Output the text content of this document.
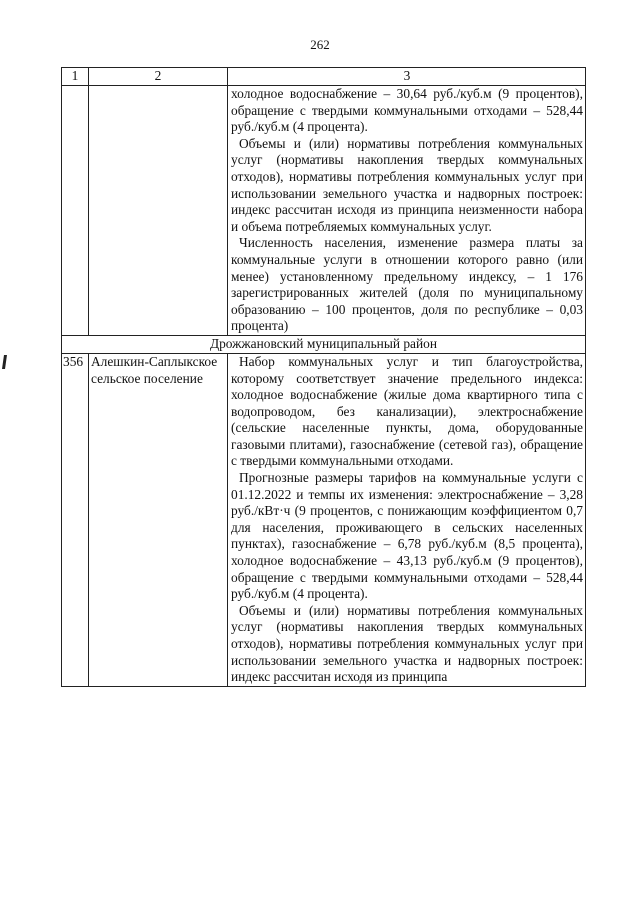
262
1	2	3

		холодное водоснабжение – 30,64 руб./куб.м (9 процентов), обращение с твердыми коммунальными отходами – 528,44 руб./куб.м (4 процента).

Объемы и (или) нормативы потребления коммунальных услуг (нормативы накопления твердых коммунальных отходов), нормативы потребления коммунальных услуг при использовании земельного участка и надворных построек: индекс рассчитан исходя из принципа неизменности набора и объема потребляемых коммунальных услуг.

Численность населения, изменение размера платы за коммунальные услуги в отношении которого равно (или менее) установленному предельному индексу, – 1 176 зарегистрированных жителей (доля по муниципальному образованию – 100 процентов, доля по республике – 0,03 процента)

Дрожжановский муниципальный район		

356	Алешкин-Саплыкское сельское поселение	Набор коммунальных услуг и тип благоустройства, которому соответствует значение предельного индекса: холодное водоснабжение (жилые дома квартирного типа с водопроводом, без канализации), электроснабжение (сельские населенные пункты, дома, оборудованные газовыми плитами), газоснабжение (сетевой газ), обращение с твердыми коммунальными отходами.

Прогнозные размеры тарифов на коммунальные услуги с 01.12.2022 и темпы их изменения: электроснабжение – 3,28 руб./кВт·ч (9 процентов, с понижающим коэффициентом 0,7 для населения, проживающего в сельских населенных пунктах), газоснабжение – 6,78 руб./куб.м (8,5 процента), холодное водоснабжение – 43,13 руб./куб.м (9 процентов), обращение с твердыми коммунальными отходами – 528,44 руб./куб.м (4 процента).

Объемы и (или) нормативы потребления коммунальных услуг (нормативы накопления твердых коммунальных отходов), нормативы потребления коммунальных услуг при использовании земельного участка и надворных построек: индекс рассчитан исходя из принципа
